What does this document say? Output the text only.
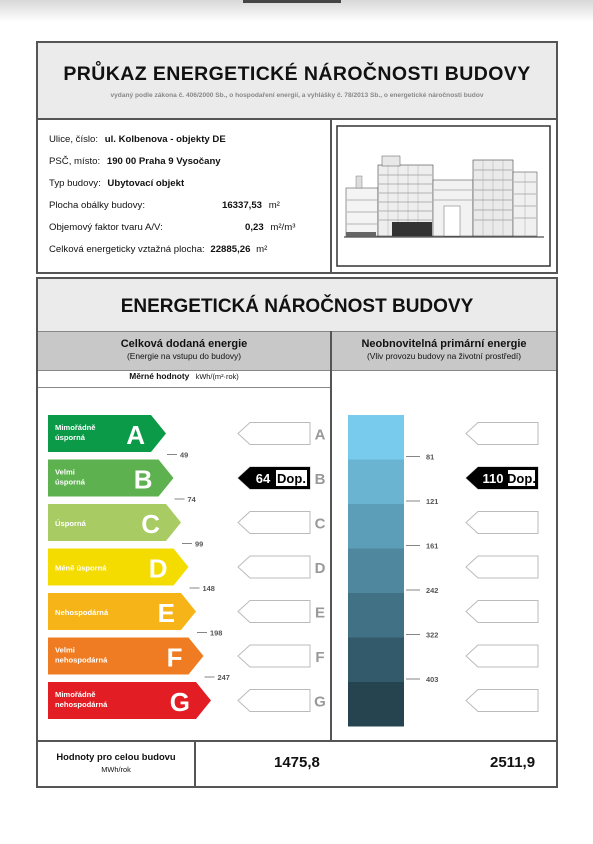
PRŮKAZ ENERGETICKÉ NÁROČNOSTI BUDOVY
vydaný podle zákona č. 406/2000 Sb., o hospodaření energií, a vyhlášky č. 78/2013 Sb., o energetické náročnosti budov
Ulice, číslo: ul. Kolbenova - objekty DE
PSČ, místo: 190 00 Praha 9 Vysočany
Typ budovy: Ubytovací objekt
Plocha obálky budovy:	16337,53 m²
Objemový faktor tvaru A/V:	0,23 m²/m³
Celková energeticky vztažná plocha: 22885,26 m²
ENERGETICKÁ NÁROČNOST BUDOVY
Celková dodaná energie
(Energie na vstupu do budovy)
Neobnovitelná primární energie
(Vliv provozu budovy na životní prostředí)
Měrné hodnoty kWh/(m²·rok)
Mimořádně
úsporná A	A
Velmi
úsporná B	B
Úsporná C	C
Méně úsporná D	D
Nehospodárná E	E
Velmi
nehospodárná F	F
Mimořádně
nehospodárná G	G
49
74
99
148
198
247
81
121
161
242
322
403
64 Dop.	110 Dop.
Hodnoty pro celou budovu
MWh/rok	1475,8	2511,9
